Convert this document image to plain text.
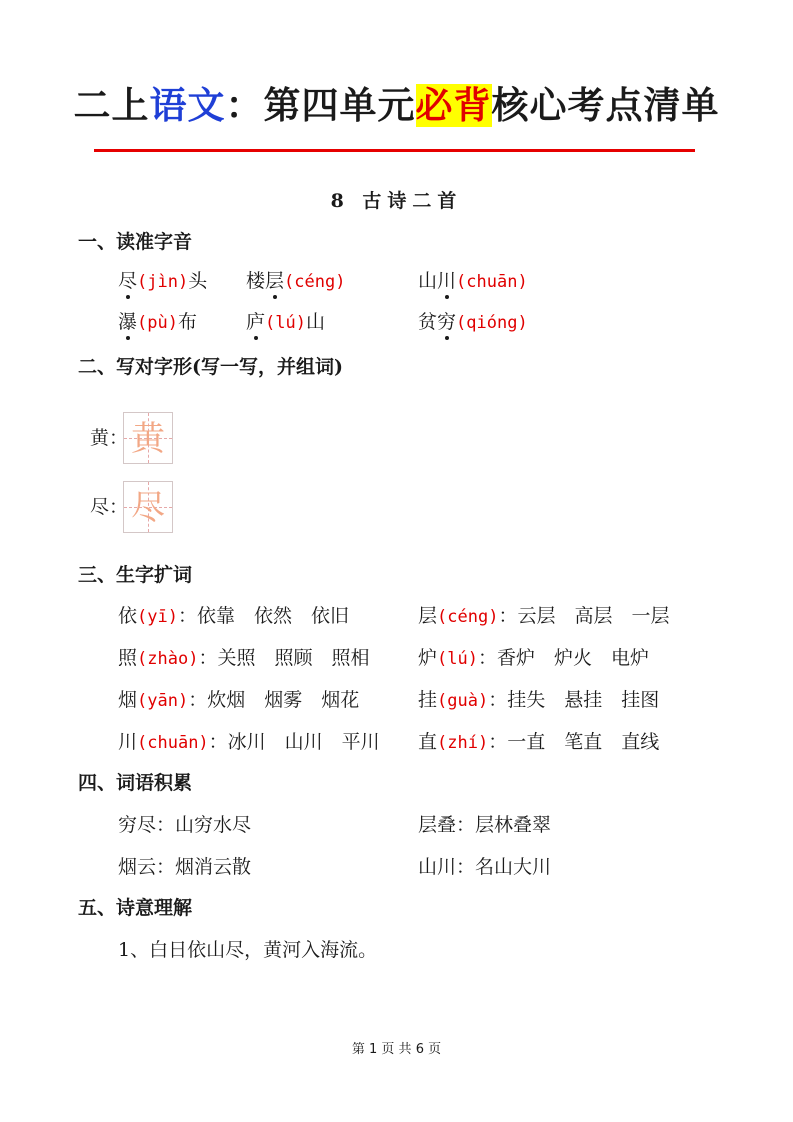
二上语文：第四单元必背核心考点清单
8 古诗二首
一、读准字音
尽(jìn)头 楼层(céng)	山川(chuān)
瀑(pù)布	庐(lú)山	贫穷(qióng)
二、写对字形(写一写，并组词)
黄： 黄
尽： 尽
三、生字扩词
依(yī)：依靠　依然　依旧	层(céng)：云层　高层　一层
照(zhào)：关照　照顾　照相	炉(lú)：香炉　炉火　电炉
烟(yān)：炊烟　烟雾　烟花	挂(guà)：挂失　悬挂　挂图
川(chuān)：冰川　山川　平川 直(zhí)：一直　笔直　直线
四、词语积累
穷尽：山穷水尽	层叠：层林叠翠
烟云：烟消云散	山川：名山大川
五、诗意理解
1、白日依山尽，黄河入海流。
第 1 页 共 6 页
